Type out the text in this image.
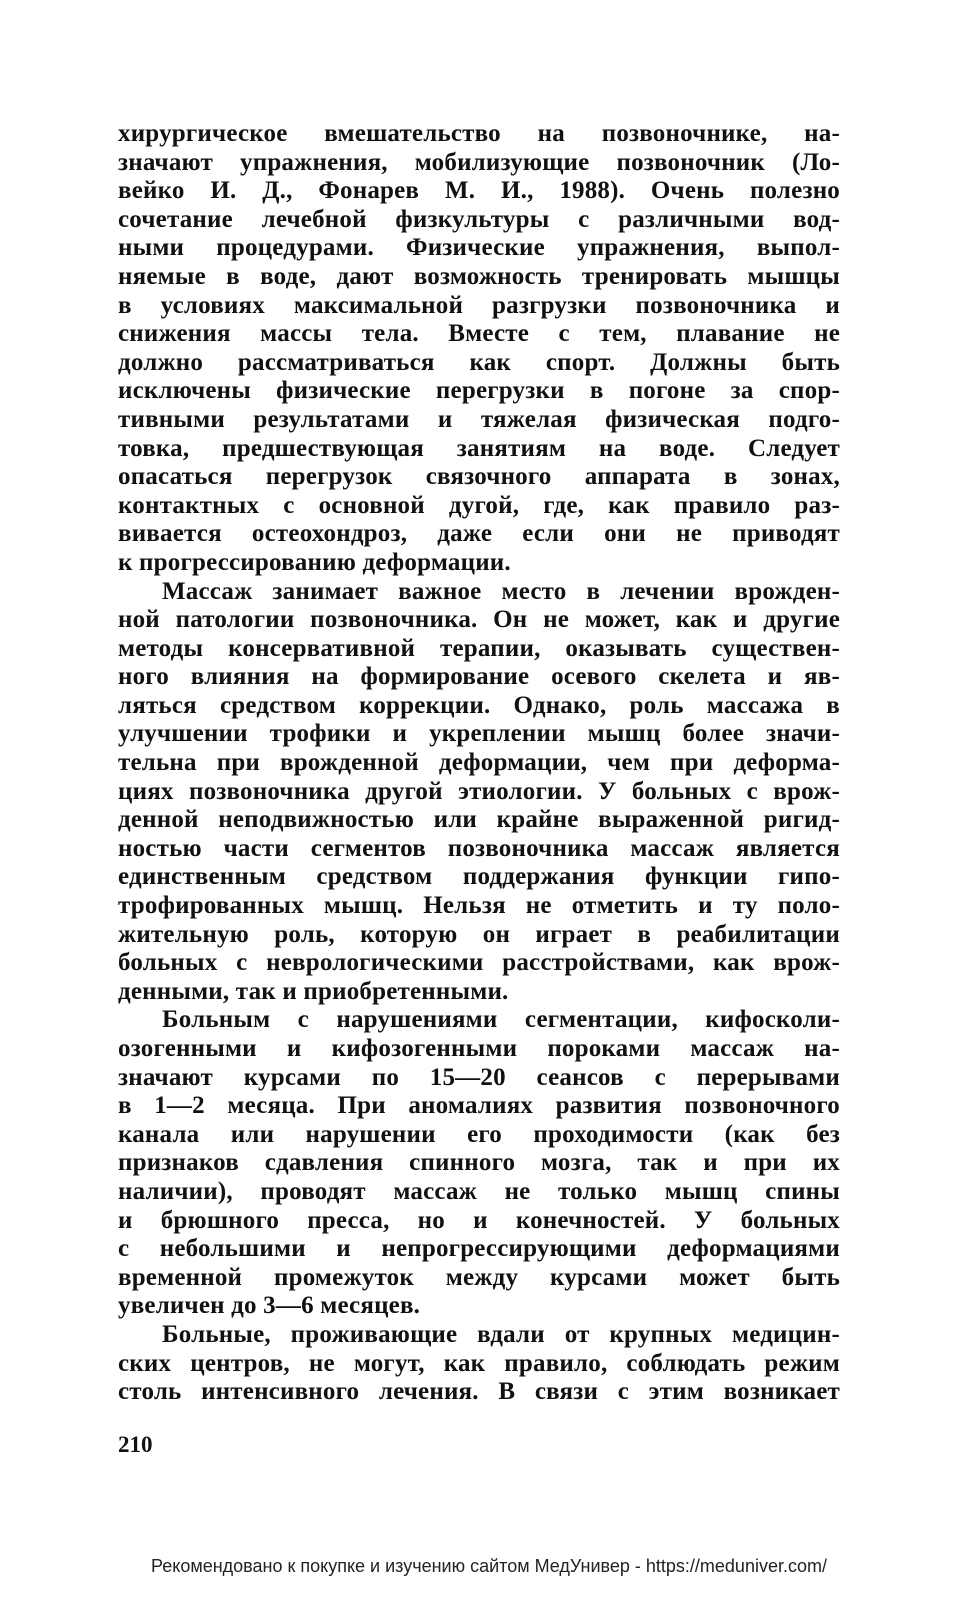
хирургическое вмешательство на позвоночнике, на-
значают упражнения, мобилизующие позвоночник (Ло-
вейко И. Д., Фонарев М. И., 1988). Очень полезно
сочетание лечебной физкультуры с различными вод-
ными процедурами. Физические упражнения, выпол-
няемые в воде, дают возможность тренировать мышцы
в условиях максимальной разгрузки позвоночника и
снижения массы тела. Вместе с тем, плавание не
должно рассматриваться как спорт. Должны быть
исключены физические перегрузки в погоне за спор-
тивными результатами и тяжелая физическая подго-
товка, предшествующая занятиям на воде. Следует
опасаться перегрузок связочного аппарата в зонах,
контактных с основной дугой, где, как правило раз-
вивается остеохондроз, даже если они не приводят
к прогрессированию деформации.
Массаж занимает важное место в лечении врожден-
ной патологии позвоночника. Он не может, как и другие
методы консервативной терапии, оказывать существен-
ного влияния на формирование осевого скелета и яв-
ляться средством коррекции. Однако, роль массажа в
улучшении трофики и укреплении мышц более значи-
тельна при врожденной деформации, чем при деформа-
циях позвоночника другой этиологии. У больных с врож-
денной неподвижностью или крайне выраженной ригид-
ностью части сегментов позвоночника массаж является
единственным средством поддержания функции гипо-
трофированных мышц. Нельзя не отметить и ту поло-
жительную роль, которую он играет в реабилитации
больных с неврологическими расстройствами, как врож-
денными, так и приобретенными.
Больным с нарушениями сегментации, кифосколи-
озогенными и кифозогенными пороками массаж на-
значают курсами по 15—20 сеансов с перерывами
в 1—2 месяца. При аномалиях развития позвоночного
канала или нарушении его проходимости (как без
признаков сдавления спинного мозга, так и при их
наличии), проводят массаж не только мышц спины
и брюшного пресса, но и конечностей. У больных
с небольшими и непрогрессирующими деформациями
временной промежуток между курсами может быть
увеличен до 3—6 месяцев.
Больные, проживающие вдали от крупных медицин-
ских центров, не могут, как правило, соблюдать режим
столь интенсивного лечения. В связи с этим возникает
210
Рекомендовано к покупке и изучению сайтом МедУнивер - https://meduniver.com/
